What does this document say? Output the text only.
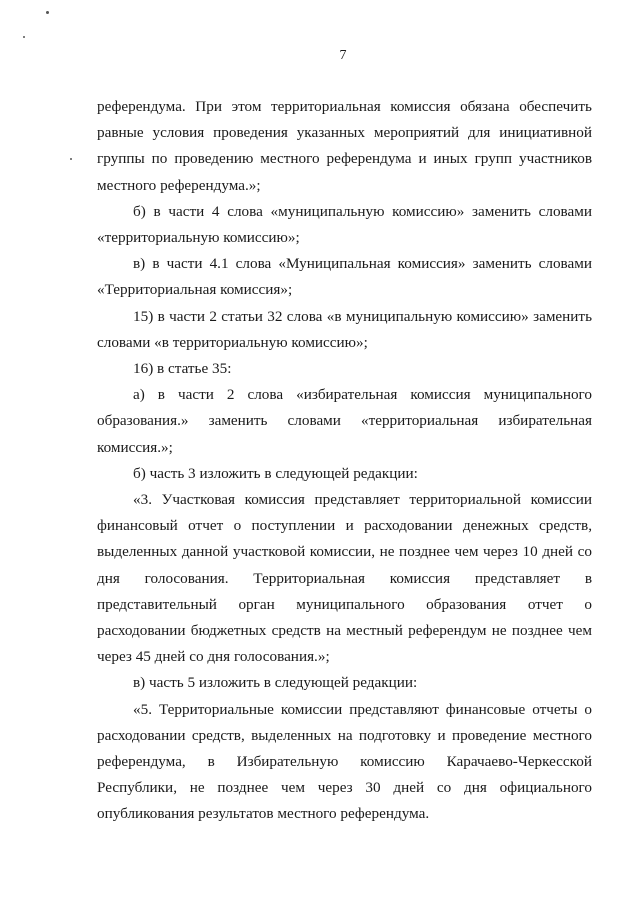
7

референдума. При этом территориальная комиссия обязана обеспечить равные условия проведения указанных мероприятий для инициативной группы по проведению местного референдума и иных групп участников местного референдума.»;

б) в части 4 слова «муниципальную комиссию» заменить словами «территориальную комиссию»;

в) в части 4.1 слова «Муниципальная комиссия» заменить словами «Территориальная комиссия»;

15) в части 2 статьи 32 слова «в муниципальную комиссию» заменить словами «в территориальную комиссию»;

16) в статье 35:

а) в части 2 слова «избирательная комиссия муниципального образования.» заменить словами «территориальная избирательная комиссия.»;

б) часть 3 изложить в следующей редакции:

«3. Участковая комиссия представляет территориальной комиссии финансовый отчет о поступлении и расходовании денежных средств, выделенных данной участковой комиссии, не позднее чем через 10 дней со дня голосования. Территориальная комиссия представляет в представительный орган муниципального образования отчет о расходовании бюджетных средств на местный референдум не позднее чем через 45 дней со дня голосования.»;

в) часть 5 изложить в следующей редакции:

«5. Территориальные комиссии представляют финансовые отчеты о расходовании средств, выделенных на подготовку и проведение местного референдума, в Избирательную комиссию Карачаево-Черкесской Республики, не позднее чем через 30 дней со дня официального опубликования результатов местного референдума.
